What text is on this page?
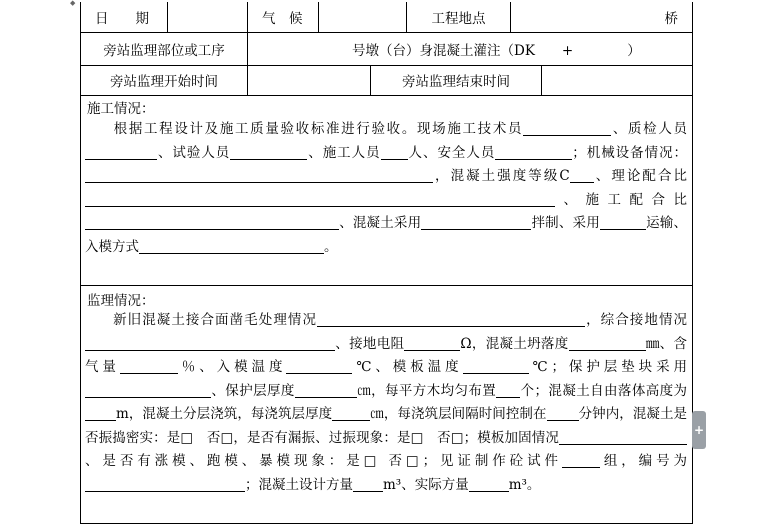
◆
日　　期	气　候	工程地点	桥
旁站监理部位或工序	号墩（台）身混凝土灌注（DK　　+　　　　）
旁站监理开始时间	旁站监理结束时间
施工情况：
根据工程设计及施工质量验收标准进行验收。现场施工技术员	、质检人员、试验人员	、施工人员 人、安全人员	；机械设备情况：，混凝土强度等级C 、理论配合比、施工配合比、混凝土采用	拌制、采用	运输、入模方式	。
监理情况：
新旧混凝土接合面凿毛处理情况	，综合接地情况、接地电阻	Ω，混凝土坍落度	㎜、含气量	％、入模温度	℃、模板温度	℃；保护层垫块采用、保护层厚度	㎝，每平方木均匀布置 个；混凝土自由落体高度为m，混凝土分层浇筑，每浇筑层厚度	㎝，每浇筑层间隔时间控制在 分钟内，混凝土是否振捣密实：是□　否□，是否有漏振、过振现象：是□　否□；模板加固情况、是否有涨模、跑模、暴模现象：是□ 否□；见证制作砼试件	组，编号为；混凝土设计方量 m³、实际方量	m³。
+
